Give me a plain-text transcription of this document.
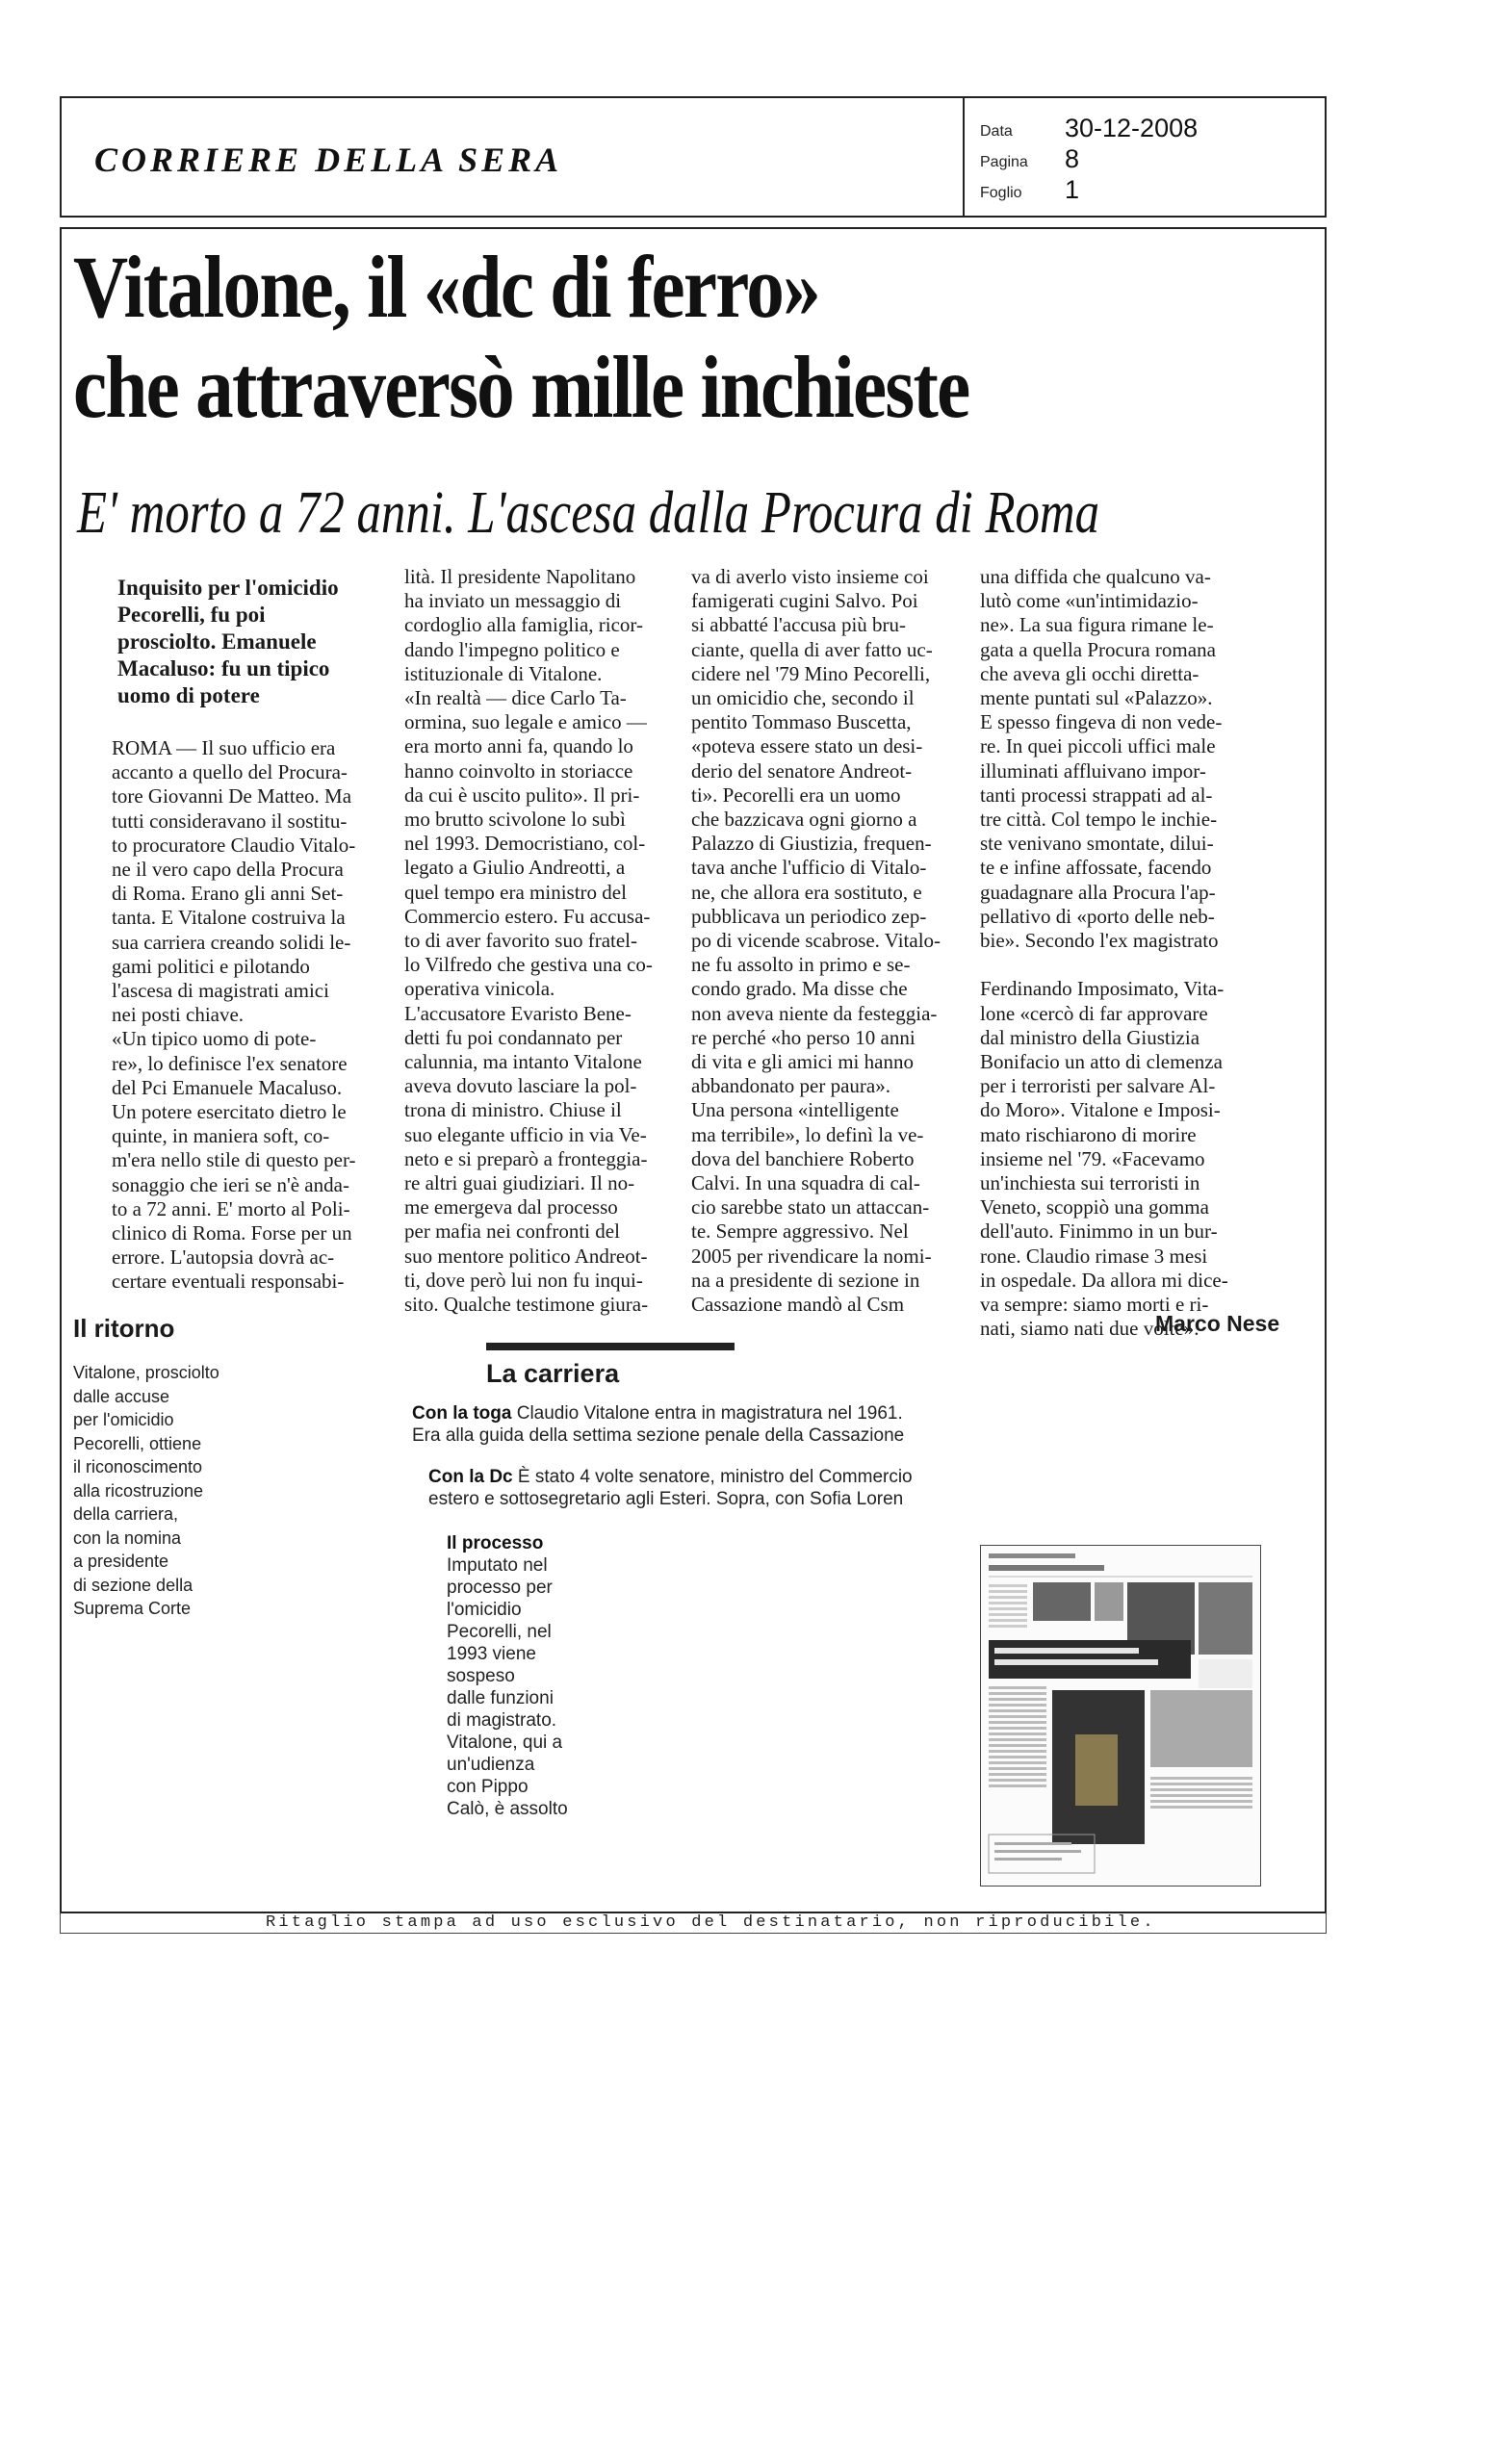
CORRIERE DELLA SERA
Data 30-12-2008
Pagina 8
Foglio 1
Vitalone, il «dc di ferro»
che attraversò mille inchieste
E' morto a 72 anni. L'ascesa dalla Procura di Roma
Inquisito per l'omicidio
Pecorelli, fu poi
prosciolto. Emanuele
Macaluso: fu un tipico
uomo di potere
ROMA — Il suo ufficio era
accanto a quello del Procura-
tore Giovanni De Matteo. Ma
tutti consideravano il sostitu-
to procuratore Claudio Vitalo-
ne il vero capo della Procura
di Roma. Erano gli anni Set-
tanta. E Vitalone costruiva la
sua carriera creando solidi le-
gami politici e pilotando
l'ascesa di magistrati amici
nei posti chiave.
«Un tipico uomo di pote-
re», lo definisce l'ex senatore
del Pci Emanuele Macaluso.
Un potere esercitato dietro le
quinte, in maniera soft, co-
m'era nello stile di questo per-
sonaggio che ieri se n'è anda-
to a 72 anni. E' morto al Poli-
clinico di Roma. Forse per un
errore. L'autopsia dovrà ac-
certare eventuali responsabi-
lità. Il presidente Napolitano
ha inviato un messaggio di
cordoglio alla famiglia, ricor-
dando l'impegno politico e
istituzionale di Vitalone.
«In realtà — dice Carlo Ta-
ormina, suo legale e amico —
era morto anni fa, quando lo
hanno coinvolto in storiacce
da cui è uscito pulito». Il pri-
mo brutto scivolone lo subì
nel 1993. Democristiano, col-
legato a Giulio Andreotti, a
quel tempo era ministro del
Commercio estero. Fu accusa-
to di aver favorito suo fratel-
lo Vilfredo che gestiva una co-
operativa vinicola.
L'accusatore Evaristo Bene-
detti fu poi condannato per
calunnia, ma intanto Vitalone
aveva dovuto lasciare la pol-
trona di ministro. Chiuse il
suo elegante ufficio in via Ve-
neto e si preparò a fronteggia-
re altri guai giudiziari. Il no-
me emergeva dal processo
per mafia nei confronti del
suo mentore politico Andreot-
ti, dove però lui non fu inqui-
sito. Qualche testimone giura-
va di averlo visto insieme coi
famigerati cugini Salvo. Poi
si abbatté l'accusa più bru-
ciante, quella di aver fatto uc-
cidere nel '79 Mino Pecorelli,
un omicidio che, secondo il
pentito Tommaso Buscetta,
«poteva essere stato un desi-
derio del senatore Andreot-
ti». Pecorelli era un uomo
che bazzicava ogni giorno a
Palazzo di Giustizia, frequen-
tava anche l'ufficio di Vitalo-
ne, che allora era sostituto, e
pubblicava un periodico zep-
po di vicende scabrose. Vitalo-
ne fu assolto in primo e se-
condo grado. Ma disse che
non aveva niente da festeggia-
re perché «ho perso 10 anni
di vita e gli amici mi hanno
abbandonato per paura».
Una persona «intelligente
ma terribile», lo definì la ve-
dova del banchiere Roberto
Calvi. In una squadra di cal-
cio sarebbe stato un attaccan-
te. Sempre aggressivo. Nel
2005 per rivendicare la nomi-
na a presidente di sezione in
Cassazione mandò al Csm
una diffida che qualcuno va-
lutò come «un'intimidazio-
ne». La sua figura rimane le-
gata a quella Procura romana
che aveva gli occhi diretta-
mente puntati sul «Palazzo».
E spesso fingeva di non vede-
re. In quei piccoli uffici male
illuminati affluivano impor-
tanti processi strappati ad al-
tre città. Col tempo le inchie-
ste venivano smontate, dilui-
te e infine affossate, facendo
guadagnare alla Procura l'ap-
pellativo di «porto delle neb-
bie». Secondo l'ex magistrato

Ferdinando Imposimato, Vita-
lone «cercò di far approvare
dal ministro della Giustizia
Bonifacio un atto di clemenza
per i terroristi per salvare Al-
do Moro». Vitalone e Imposi-
mato rischiarono di morire
insieme nel '79. «Facevamo
un'inchiesta sui terroristi in
Veneto, scoppiò una gomma
dell'auto. Finimmo in un bur-
rone. Claudio rimase 3 mesi
in ospedale. Da allora mi dice-
va sempre: siamo morti e ri-
nati, siamo nati due volte».
Marco Nese
Il ritorno
Vitalone, prosciolto
dalle accuse
per l'omicidio
Pecorelli, ottiene
il riconoscimento
alla ricostruzione
della carriera,
con la nomina
a presidente
di sezione della
Suprema Corte
La carriera
Con la toga Claudio Vitalone entra in magistratura nel 1961.
Era alla guida della settima sezione penale della Cassazione
Con la Dc È stato 4 volte senatore, ministro del Commercio
estero e sottosegretario agli Esteri. Sopra, con Sofia Loren
Il processo
Imputato nel
processo per
l'omicidio
Pecorelli, nel
1993 viene
sospeso
dalle funzioni
di magistrato.
Vitalone, qui a
un'udienza
con Pippo
Calò, è assolto
Ritaglio stampa ad uso esclusivo del destinatario, non riproducibile.
